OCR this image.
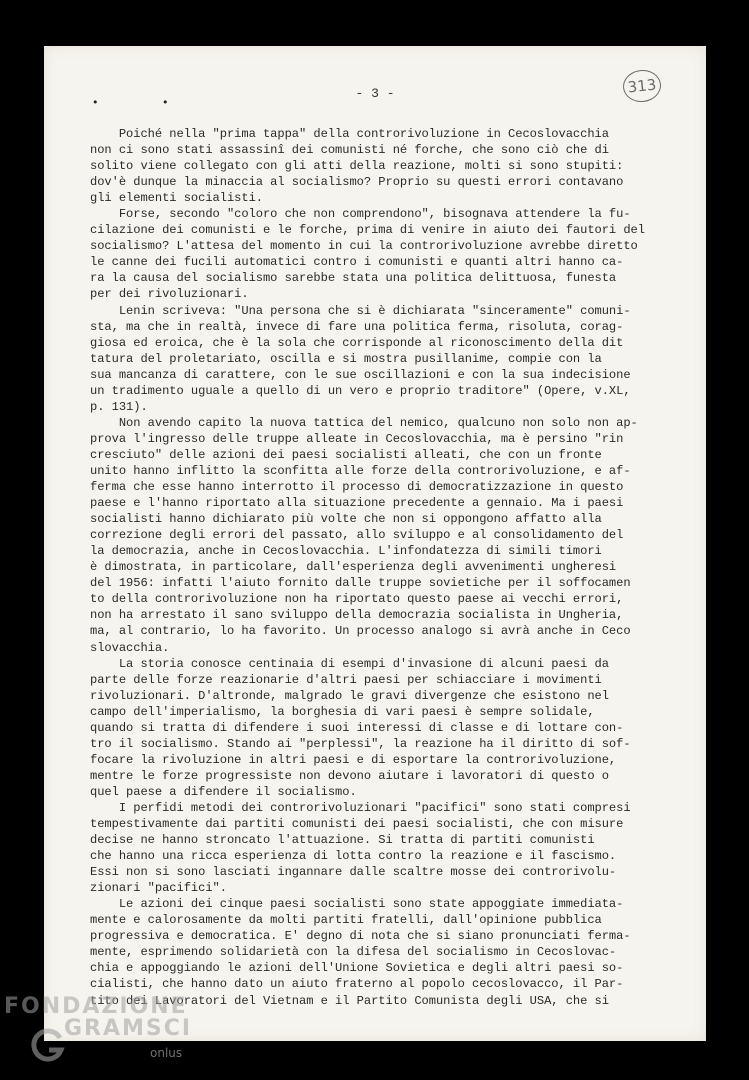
• •
- 3 -	313
Poiché nella "prima tappa" della controrivoluzione in Cecoslovacchia
non ci sono stati assassinî dei comunisti né forche, che sono ciò che di
solito viene collegato con gli atti della reazione, molti si sono stupiti:
dov'è dunque la minaccia al socialismo? Proprio su questi errori contavano
gli elementi socialisti.
Forse, secondo "coloro che non comprendono", bisognava attendere la fu-
cilazione dei comunisti e le forche, prima di venire in aiuto dei fautori del
socialismo? L'attesa del momento in cui la controrivoluzione avrebbe diretto
le canne dei fucili automatici contro i comunisti e quanti altri hanno ca-
ra la causa del socialismo sarebbe stata una politica delittuosa, funesta
per dei rivoluzionari.
Lenin scriveva: "Una persona che si è dichiarata "sinceramente" comuni-
sta, ma che in realtà, invece di fare una politica ferma, risoluta, corag-
giosa ed eroica, che è la sola che corrisponde al riconoscimento della dit
tatura del proletariato, oscilla e si mostra pusillanime, compie con la
sua mancanza di carattere, con le sue oscillazioni e con la sua indecisione
un tradimento uguale a quello di un vero e proprio traditore" (Opere, v.XL,
p. 131).
Non avendo capito la nuova tattica del nemico, qualcuno non solo non ap-
prova l'ingresso delle truppe alleate in Cecoslovacchia, ma è persino "rin
cresciuto" delle azioni dei paesi socialisti alleati, che con un fronte
unito hanno inflitto la sconfitta alle forze della controrivoluzione, e af-
ferma che esse hanno interrotto il processo di democratizzazione in questo
paese e l'hanno riportato alla situazione precedente a gennaio. Ma i paesi
socialisti hanno dichiarato più volte che non si oppongono affatto alla
correzione degli errori del passato, allo sviluppo e al consolidamento del
la democrazia, anche in Cecoslovacchia. L'infondatezza di simili timori
è dimostrata, in particolare, dall'esperienza degli avvenimenti ungheresi
del 1956: infatti l'aiuto fornito dalle truppe sovietiche per il soffocamen
to della controrivoluzione non ha riportato questo paese ai vecchi errori,
non ha arrestato il sano sviluppo della democrazia socialista in Ungheria,
ma, al contrario, lo ha favorito. Un processo analogo si avrà anche in Ceco
slovacchia.
La storia conosce centinaia di esempi d'invasione di alcuni paesi da
parte delle forze reazionarie d'altri paesi per schiacciare i movimenti
rivoluzionari. D'altronde, malgrado le gravi divergenze che esistono nel
campo dell'imperialismo, la borghesia di vari paesi è sempre solidale,
quando si tratta di difendere i suoi interessi di classe e di lottare con-
tro il socialismo. Stando ai "perplessi", la reazione ha il diritto di sof-
focare la rivoluzione in altri paesi e di esportare la controrivoluzione,
mentre le forze progressiste non devono aiutare i lavoratori di questo o
quel paese a difendere il socialismo.
I perfidi metodi dei controrivoluzionari "pacifici" sono stati compresi
tempestivamente dai partiti comunisti dei paesi socialisti, che con misure
decise ne hanno stroncato l'attuazione. Si tratta di partiti comunisti
che hanno una ricca esperienza di lotta contro la reazione e il fascismo.
Essi non si sono lasciati ingannare dalle scaltre mosse dei controrivolu-
zionari "pacifici".
Le azioni dei cinque paesi socialisti sono state appoggiate immediata-
mente e calorosamente da molti partiti fratelli, dall'opinione pubblica
progressiva e democratica. E' degno di nota che si siano pronunciati ferma-
mente, esprimendo solidarietà con la difesa del socialismo in Cecoslovac-
chia e appoggiando le azioni dell'Unione Sovietica e degli altri paesi so-
cialisti, che hanno dato un aiuto fraterno al popolo cecoslovacco, il Par-
tito dei Lavoratori del Vietnam e il Partito Comunista degli USA, che si
FONDAZIONE
GRAMSCI
onlus
